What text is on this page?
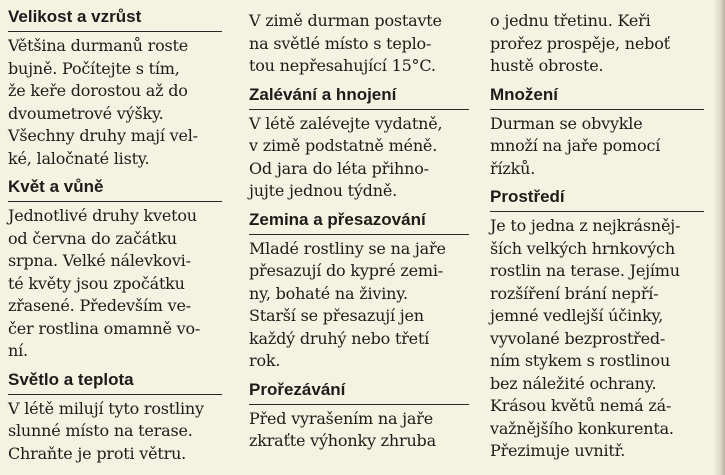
Velikost a vzrůst
Většina durmanů roste
bujně. Počítejte s tím,
že keře dorostou až do
dvoumetrové výšky.
Všechny druhy mají vel-
ké, laločnaté listy.
Květ a vůně
Jednotlivé druhy kvetou
od června do začátku
srpna. Velké nálevkovi-
té květy jsou zpočátku
zřasené. Především ve-
čer rostlina omamně vo-
ní.
Světlo a teplota
V létě milují tyto rostliny
slunné místo na terase.
Chraňte je proti větru.
V zimě durman postavte
na světlé místo s teplo-
tou nepřesahující 15°C.
Zalévání a hnojení
V létě zalévejte vydatně,
v zimě podstatně méně.
Od jara do léta přihno-
jujte jednou týdně.
Zemina a přesazování
Mladé rostliny se na jaře
přesazují do kypré zemi-
ny, bohaté na živiny.
Starší se přesazují jen
každý druhý nebo třetí
rok.
Prořezávání
Před vyrašením na jaře
zkraťte výhonky zhruba
o jednu třetinu. Keři
prořez prospěje, neboť
hustě obroste.
Množení
Durman se obvykle
množí na jaře pomocí
řízků.
Prostředí
Je to jedna z nejkrásněj-
ších velkých hrnkových
rostlin na terase. Jejímu
rozšíření brání nepří-
jemné vedlejší účinky,
vyvolané bezprostřed-
ním stykem s rostlinou
bez náležité ochrany.
Krásou květů nemá zá-
važnějšího konkurenta.
Přezimuje uvnitř.
